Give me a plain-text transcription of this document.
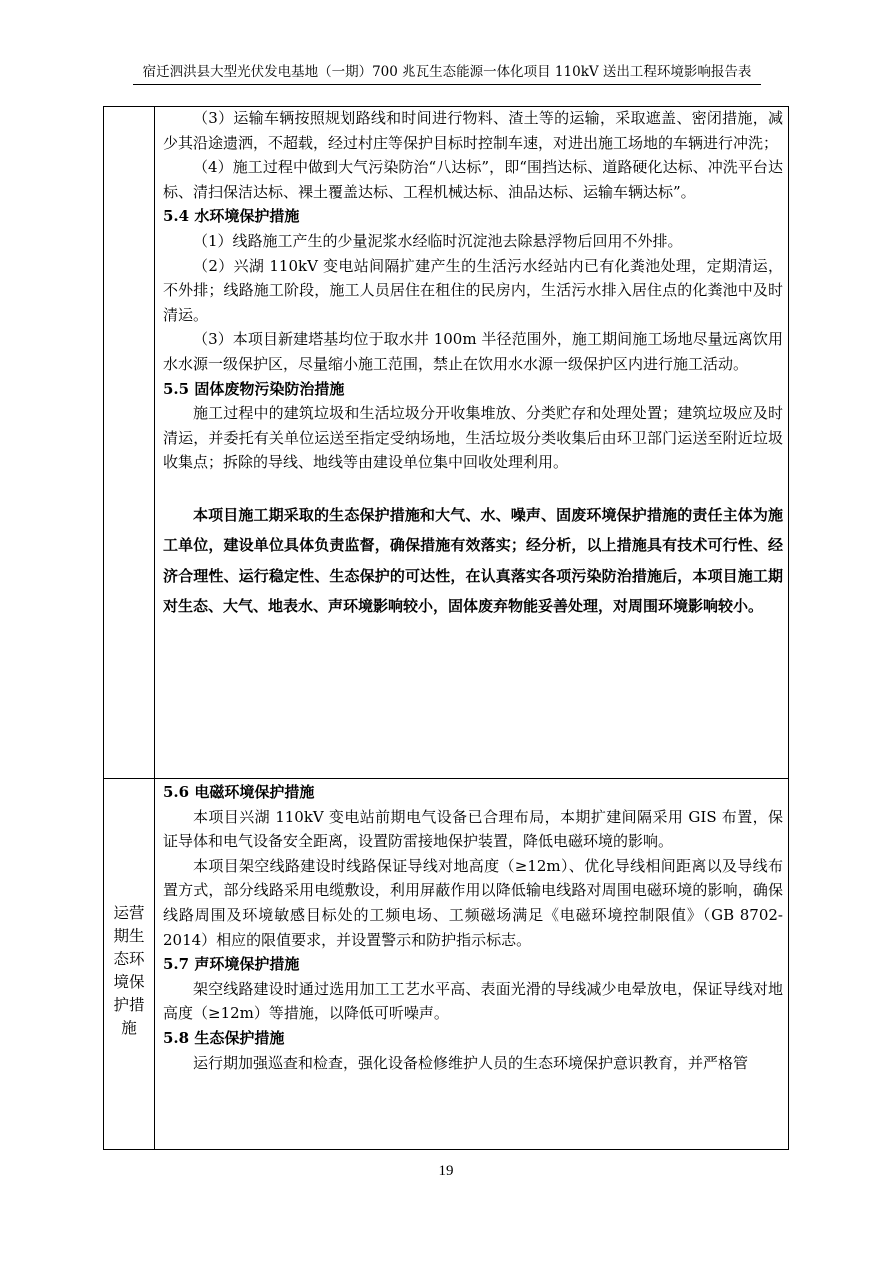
宿迁泗洪县大型光伏发电基地（一期）700 兆瓦生态能源一体化项目 110kV 送出工程环境影响报告表
运营期生态环境保护措施

（3）运输车辆按照规划路线和时间进行物料、渣土等的运输，采取遮盖、密闭措施，减少其沿途遗洒，不超载，经过村庄等保护目标时控制车速，对进出施工场地的车辆进行冲洗；

（4）施工过程中做到大气污染防治“八达标”，即“围挡达标、道路硬化达标、冲洗平台达标、清扫保洁达标、裸土覆盖达标、工程机械达标、油品达标、运输车辆达标”。

5.4 水环境保护措施

（1）线路施工产生的少量泥浆水经临时沉淀池去除悬浮物后回用不外排。

（2）兴湖 110kV 变电站间隔扩建产生的生活污水经站内已有化粪池处理，定期清运，不外排；线路施工阶段，施工人员居住在租住的民房内，生活污水排入居住点的化粪池中及时清运。

（3）本项目新建塔基均位于取水井 100m 半径范围外，施工期间施工场地尽量远离饮用水水源一级保护区，尽量缩小施工范围，禁止在饮用水水源一级保护区内进行施工活动。

5.5 固体废物污染防治措施

施工过程中的建筑垃圾和生活垃圾分开收集堆放、分类贮存和处理处置；建筑垃圾应及时清运，并委托有关单位运送至指定受纳场地，生活垃圾分类收集后由环卫部门运送至附近垃圾收集点；拆除的导线、地线等由建设单位集中回收处理利用。

本项目施工期采取的生态保护措施和大气、水、噪声、固废环境保护措施的责任主体为施工单位，建设单位具体负责监督，确保措施有效落实；经分析，以上措施具有技术可行性、经济合理性、运行稳定性、生态保护的可达性，在认真落实各项污染防治措施后，本项目施工期对生态、大气、地表水、声环境影响较小，固体废弃物能妥善处理，对周围环境影响较小。

5.6 电磁环境保护措施

本项目兴湖 110kV 变电站前期电气设备已合理布局，本期扩建间隔采用 GIS 布置，保证导体和电气设备安全距离，设置防雷接地保护装置，降低电磁环境的影响。

本项目架空线路建设时线路保证导线对地高度（≥12m）、优化导线相间距离以及导线布置方式，部分线路采用电缆敷设，利用屏蔽作用以降低输电线路对周围电磁环境的影响，确保线路周围及环境敏感目标处的工频电场、工频磁场满足《电磁环境控制限值》（GB 8702-2014）相应的限值要求，并设置警示和防护指示标志。

5.7 声环境保护措施

架空线路建设时通过选用加工工艺水平高、表面光滑的导线减少电晕放电，保证导线对地高度（≥12m）等措施，以降低可听噪声。

5.8 生态保护措施

运行期加强巡查和检查，强化设备检修维护人员的生态环境保护意识教育，并严格管

19
